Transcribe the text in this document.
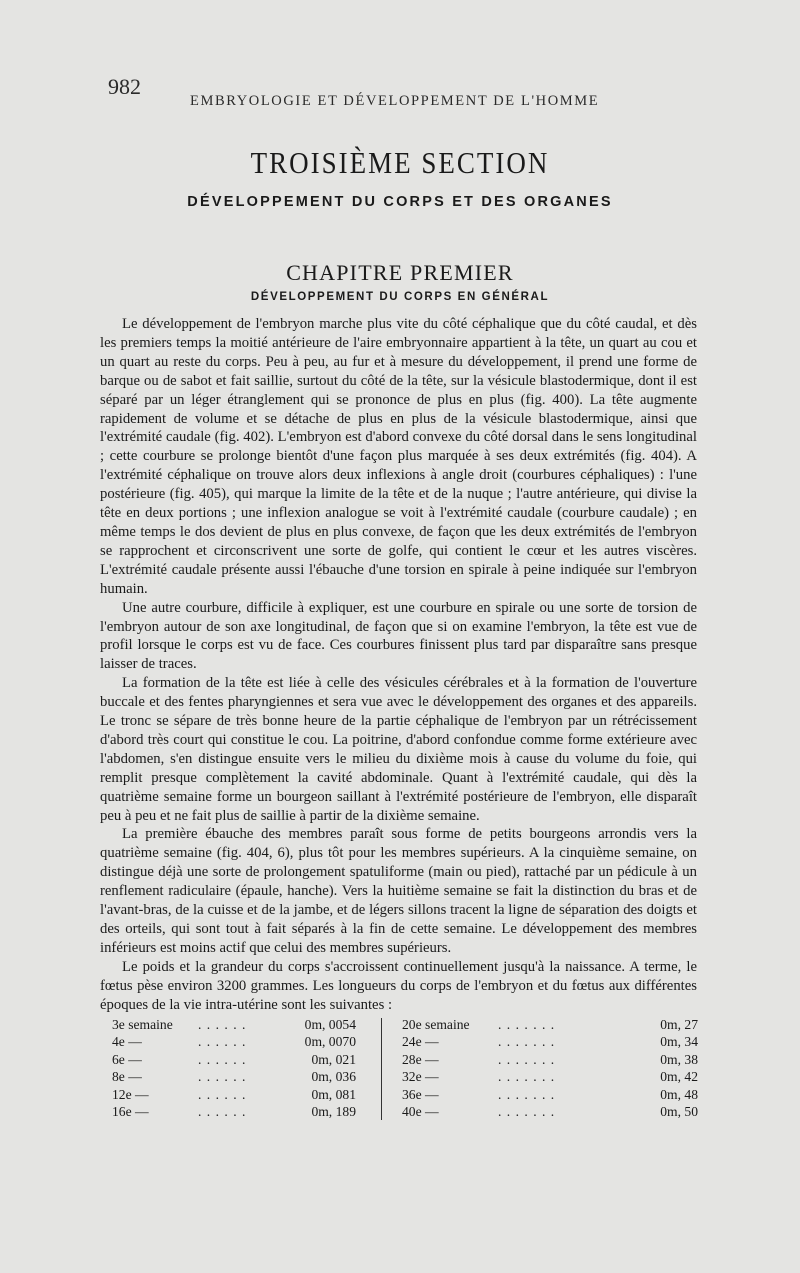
982
EMBRYOLOGIE ET DÉVELOPPEMENT DE L'HOMME
TROISIÈME SECTION
DÉVELOPPEMENT DU CORPS ET DES ORGANES
CHAPITRE PREMIER
DÉVELOPPEMENT DU CORPS EN GÉNÉRAL

Le développement de l'embryon marche plus vite du côté céphalique que du côté caudal, et dès les premiers temps la moitié antérieure de l'aire embryonnaire appartient à la tête, un quart au cou et un quart au reste du corps. Peu à peu, au fur et à mesure du développement, il prend une forme de barque ou de sabot et fait saillie, surtout du côté de la tête, sur la vésicule blastodermique, dont il est séparé par un léger étranglement qui se prononce de plus en plus (fig. 400). La tête augmente rapidement de volume et se détache de plus en plus de la vésicule blastodermique, ainsi que l'extrémité caudale (fig. 402). L'embryon est d'abord convexe du côté dorsal dans le sens longitudinal ; cette courbure se prolonge bientôt d'une façon plus marquée à ses deux extrémités (fig. 404). A l'extrémité céphalique on trouve alors deux inflexions à angle droit (courbures céphaliques) : l'une postérieure (fig. 405), qui marque la limite de la tête et de la nuque ; l'autre antérieure, qui divise la tête en deux portions ; une inflexion analogue se voit à l'extrémité caudale (courbure caudale) ; en même temps le dos devient de plus en plus convexe, de façon que les deux extrémités de l'embryon se rapprochent et circonscrivent une sorte de golfe, qui contient le cœur et les autres viscères. L'extrémité caudale présente aussi l'ébauche d'une torsion en spirale à peine indiquée sur l'embryon humain.

Une autre courbure, difficile à expliquer, est une courbure en spirale ou une sorte de torsion de l'embryon autour de son axe longitudinal, de façon que si on examine l'embryon, la tête est vue de profil lorsque le corps est vu de face. Ces courbures finissent plus tard par disparaître sans presque laisser de traces.

La formation de la tête est liée à celle des vésicules cérébrales et à la formation de l'ouverture buccale et des fentes pharyngiennes et sera vue avec le développement des organes et des appareils. Le tronc se sépare de très bonne heure de la partie céphalique de l'embryon par un rétrécissement d'abord très court qui constitue le cou. La poitrine, d'abord confondue comme forme extérieure avec l'abdomen, s'en distingue ensuite vers le milieu du dixième mois à cause du volume du foie, qui remplit presque complètement la cavité abdominale. Quant à l'extrémité caudale, qui dès la quatrième semaine forme un bourgeon saillant à l'extrémité postérieure de l'embryon, elle disparaît peu à peu et ne fait plus de saillie à partir de la dixième semaine.

La première ébauche des membres paraît sous forme de petits bourgeons arrondis vers la quatrième semaine (fig. 404, 6), plus tôt pour les membres supérieurs. A la cinquième semaine, on distingue déjà une sorte de prolongement spatuliforme (main ou pied), rattaché par un pédicule à un renflement radiculaire (épaule, hanche). Vers la huitième semaine se fait la distinction du bras et de l'avant-bras, de la cuisse et de la jambe, et de légers sillons tracent la ligne de séparation des doigts et des orteils, qui sont tout à fait séparés à la fin de cette semaine. Le développement des membres inférieurs est moins actif que celui des membres supérieurs.

Le poids et la grandeur du corps s'accroissent continuellement jusqu'à la naissance. A terme, le fœtus pèse environ 3200 grammes. Les longueurs du corps de l'embryon et du fœtus aux différentes époques de la vie intra-utérine sont les suivantes :

3e semaine . . . . . .	0m, 0054
4e —	. . . . . .	0m, 0070
6e —	. . . . . .	0m, 021
8e —	. . . . . .	0m, 036
12e —	. . . . . .	0m, 081
16e —	. . . . . .	0m, 189
20e semaine . . . . . . .	0m, 27
24e —	. . . . . . .	0m, 34
28e —	. . . . . . .	0m, 38
32e —	. . . . . . .	0m, 42
36e —	. . . . . . .	0m, 48
40e —	. . . . . . .	0m, 50
